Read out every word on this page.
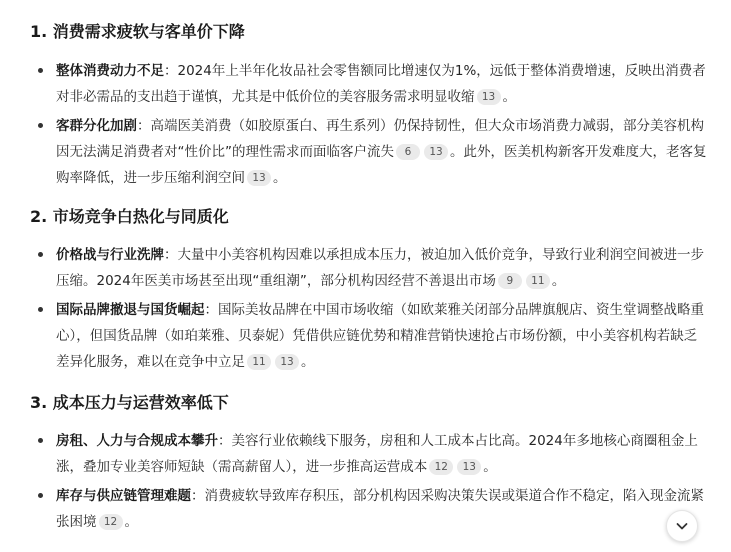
1. 消费需求疲软与客单价下降
整体消费动力不足：2024年上半年化妆品社会零售额同比增速仅为1%，远低于整体消费增速，反映出消费者对非必需品的支出趋于谨慎，尤其是中低价位的美容服务需求明显收缩 13 。
客群分化加剧：高端医美消费（如胶原蛋白、再生系列）仍保持韧性，但大众市场消费力减弱，部分美容机构因无法满足消费者对“性价比”的理性需求而面临客户流失 6 13 。此外，医美机构新客开发难度大，老客复购率降低，进一步压缩利润空间 13 。
2. 市场竞争白热化与同质化
价格战与行业洗牌：大量中小美容机构因难以承担成本压力，被迫加入低价竞争，导致行业利润空间被进一步压缩。2024年医美市场甚至出现“重组潮”，部分机构因经营不善退出市场 9 11 。
国际品牌撤退与国货崛起：国际美妆品牌在中国市场收缩（如欧莱雅关闭部分品牌旗舰店、资生堂调整战略重心），但国货品牌（如珀莱雅、贝泰妮）凭借供应链优势和精准营销快速抢占市场份额，中小美容机构若缺乏差异化服务，难以在竞争中立足 11 13 。
3. 成本压力与运营效率低下
房租、人力与合规成本攀升：美容行业依赖线下服务，房租和人工成本占比高。2024年多地核心商圈租金上涨，叠加专业美容师短缺（需高薪留人），进一步推高运营成本 12 13 。
库存与供应链管理难题：消费疲软导致库存积压，部分机构因采购决策失误或渠道合作不稳定，陷入现金流紧张困境 12 。
